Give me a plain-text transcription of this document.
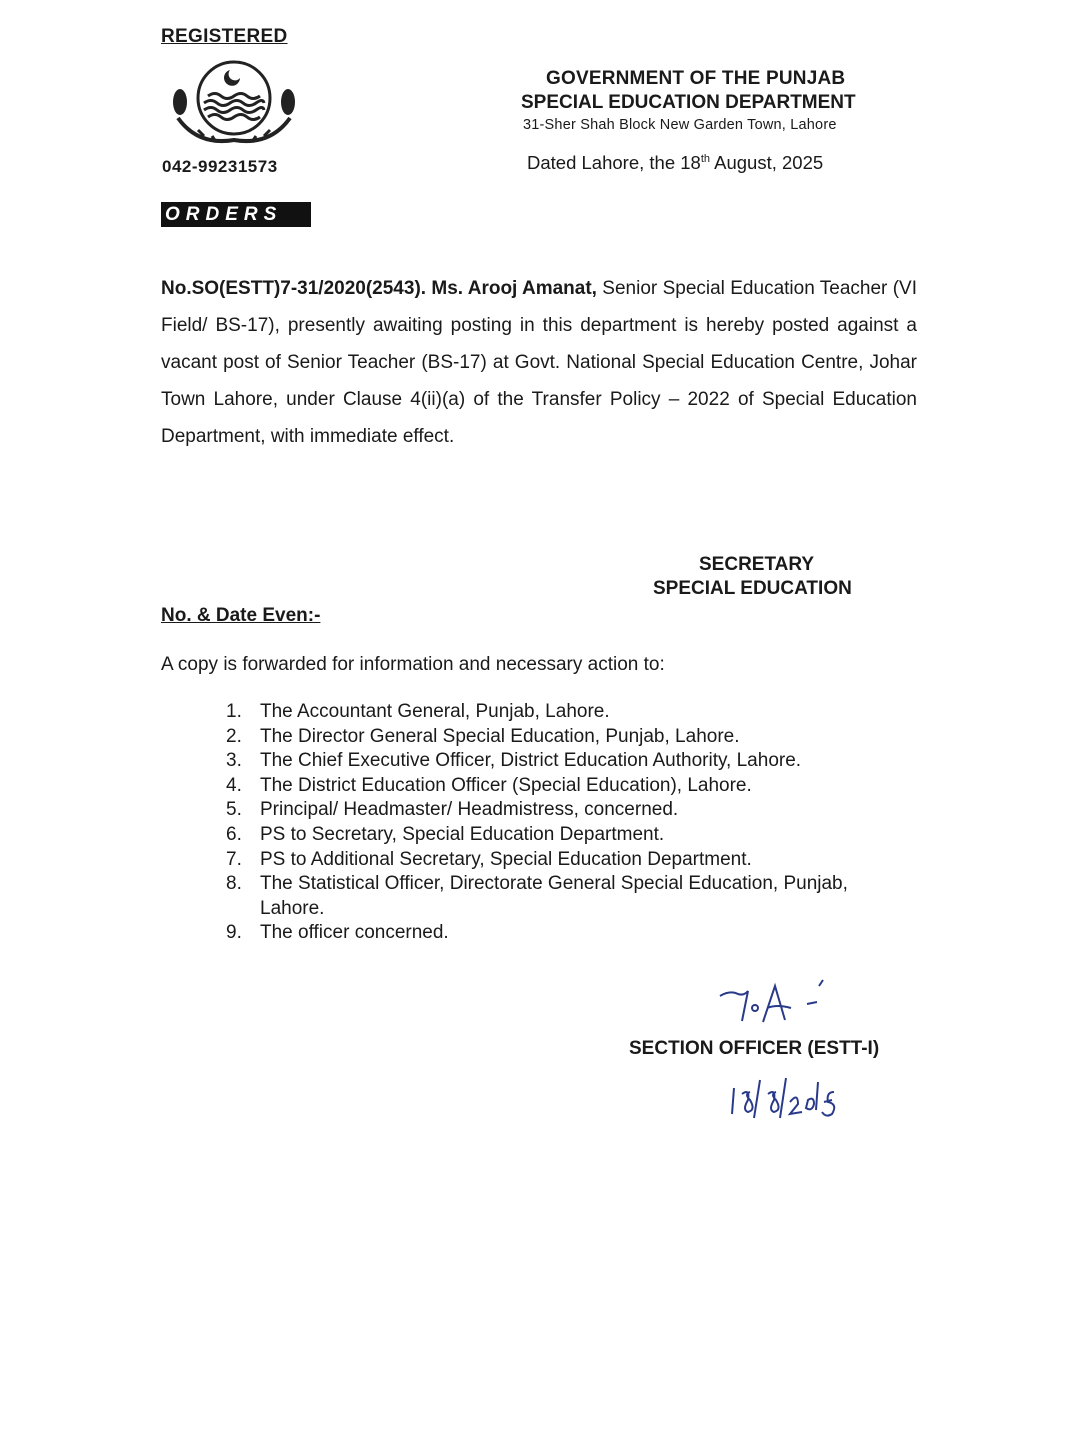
REGISTERED
042-99231573
ORDERS
GOVERNMENT OF THE PUNJAB
SPECIAL EDUCATION DEPARTMENT
31-Sher Shah Block New Garden Town, Lahore
Dated Lahore, the 18th August, 2025
No.SO(ESTT)7-31/2020(2543). Ms. Arooj Amanat, Senior Special Education Teacher (VI Field/ BS-17), presently awaiting posting in this department is hereby posted against a vacant post of Senior Teacher (BS-17) at Govt. National Special Education Centre, Johar Town Lahore, under Clause 4(ii)(a) of the Transfer Policy – 2022 of Special Education Department, with immediate effect.
SECRETARY
SPECIAL EDUCATION
No. & Date Even:-
A copy is forwarded for information and necessary action to:
1. The Accountant General, Punjab, Lahore.
2. The Director General Special Education, Punjab, Lahore.
3. The Chief Executive Officer, District Education Authority, Lahore.
4. The District Education Officer (Special Education), Lahore.
5. Principal/ Headmaster/ Headmistress, concerned.
6. PS to Secretary, Special Education Department.
7. PS to Additional Secretary, Special Education Department.
8. The Statistical Officer, Directorate General Special Education, Punjab, Lahore.
9. The officer concerned.
SECTION OFFICER (ESTT-I)
